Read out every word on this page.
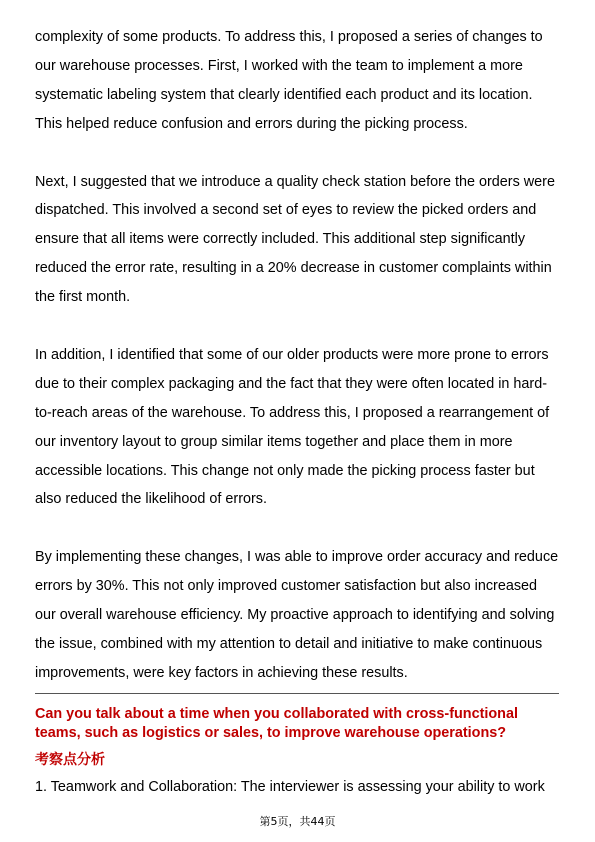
complexity of some products. To address this, I proposed a series of changes to

our warehouse processes. First, I worked with the team to implement a more

systematic labeling system that clearly identified each product and its location.

This helped reduce confusion and errors during the picking process.

Next, I suggested that we introduce a quality check station before the orders were

dispatched. This involved a second set of eyes to review the picked orders and

ensure that all items were correctly included. This additional step significantly

reduced the error rate, resulting in a 20% decrease in customer complaints within

the first month.

In addition, I identified that some of our older products were more prone to errors

due to their complex packaging and the fact that they were often located in hard-

to-reach areas of the warehouse. To address this, I proposed a rearrangement of

our inventory layout to group similar items together and place them in more

accessible locations. This change not only made the picking process faster but

also reduced the likelihood of errors.

By implementing these changes, I was able to improve order accuracy and reduce

errors by 30%. This not only improved customer satisfaction but also increased

our overall warehouse efficiency. My proactive approach to identifying and solving

the issue, combined with my attention to detail and initiative to make continuous

improvements, were key factors in achieving these results.

Can you talk about a time when you collaborated with cross-functional
teams, such as logistics or sales, to improve warehouse operations?
考察点分析
1. Teamwork and Collaboration: The interviewer is assessing your ability to work
第5页，共44页
